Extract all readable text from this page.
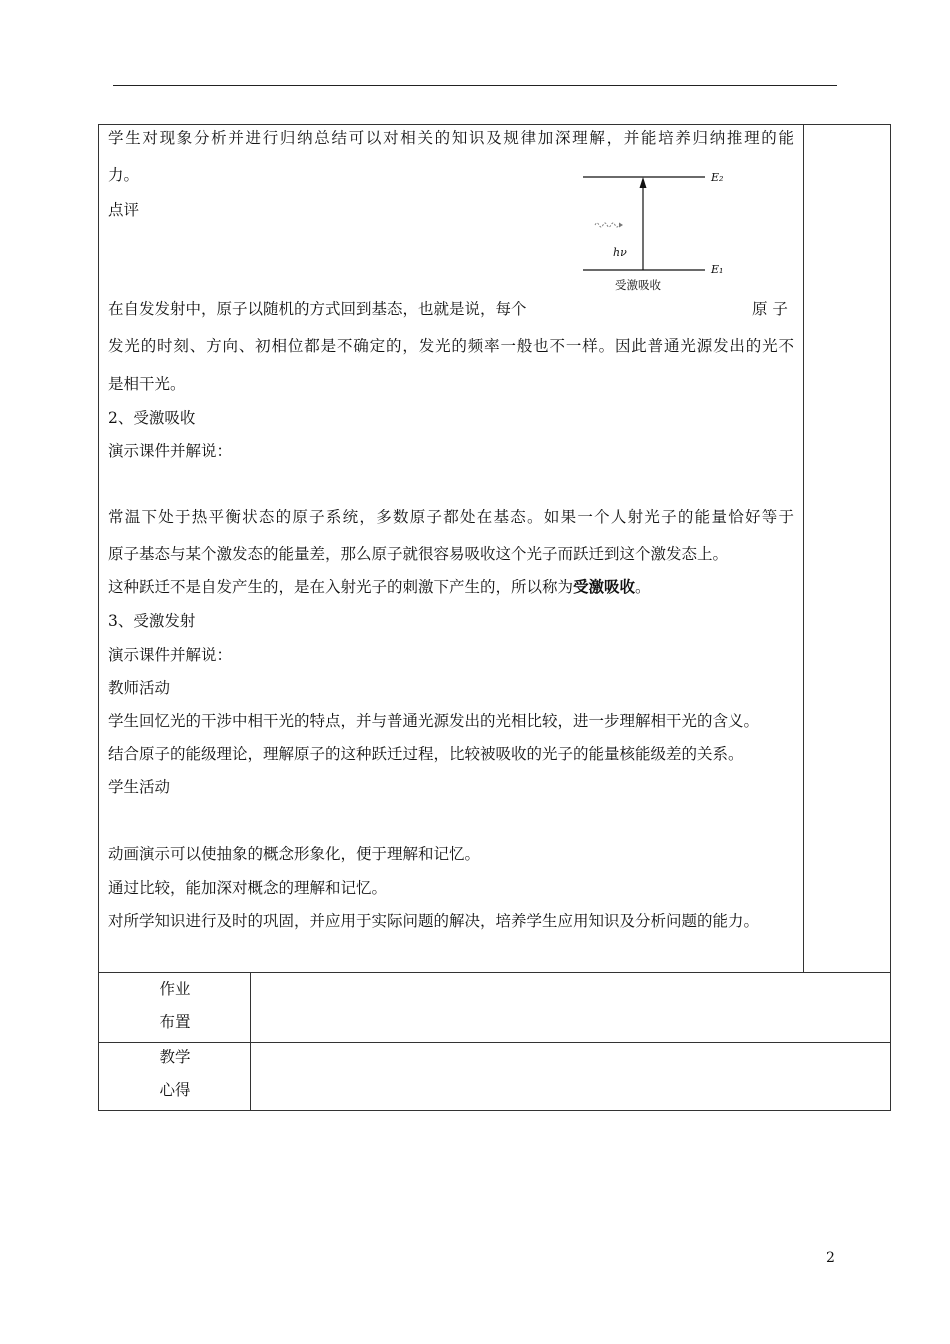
学生对现象分析并进行归纳总结可以对相关的知识及规律加深理解，并能培养归纳推理的能
力。
点评
在自发发射中，原子以随机的方式回到基态，也就是说，每个	原 子
发光的时刻、方向、初相位都是不确定的，发光的频率一般也不一样。因此普通光源发出的光不
是相干光。
2、受激吸收
演示课件并解说：
常温下处于热平衡状态的原子系统，多数原子都处在基态。如果一个人射光子的能量恰好等于
原子基态与某个激发态的能量差，那么原子就很容易吸收这个光子而跃迁到这个激发态上。
这种跃迁不是自发产生的，是在入射光子的刺激下产生的，所以称为受激吸收。
3、受激发射
演示课件并解说：
教师活动
学生回忆光的干涉中相干光的特点，并与普通光源发出的光相比较，进一步理解相干光的含义。
结合原子的能级理论，理解原子的这种跃迁过程，比较被吸收的光子的能量核能级差的关系。
学生活动
动画演示可以使抽象的概念形象化，便于理解和记忆。
通过比较，能加深对概念的理解和记忆。
对所学知识进行及时的巩固，并应用于实际问题的解决，培养学生应用知识及分析问题的能力。
E₂
E₁
hν
受激吸收
作业
布置
教学
心得
2
